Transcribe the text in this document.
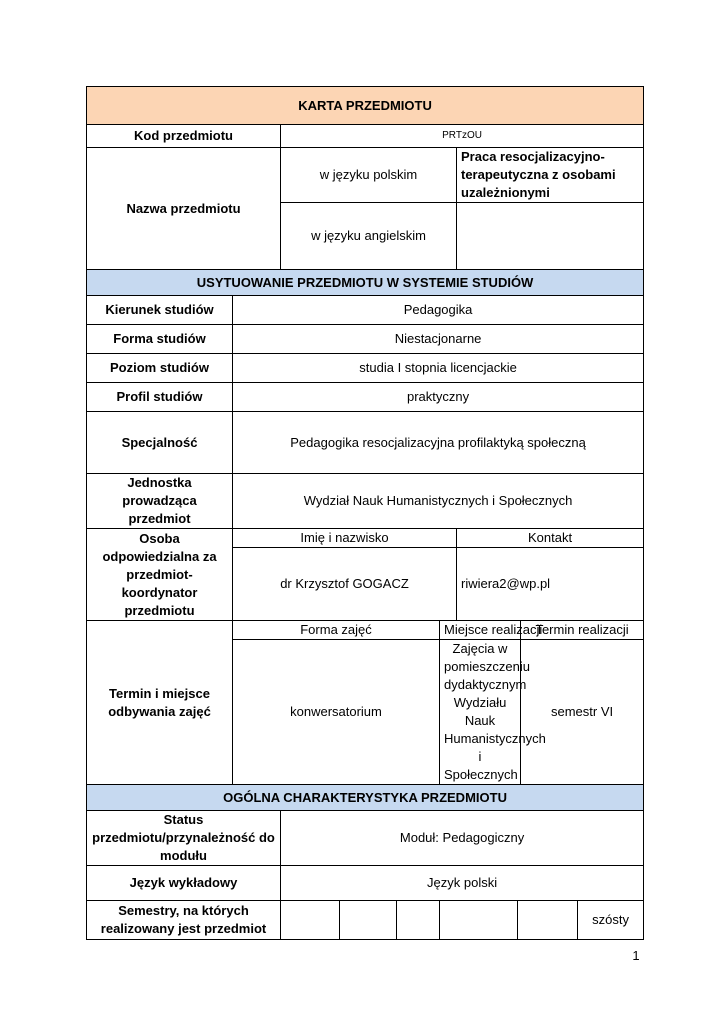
KARTA PRZEDMIOTU									
Kod przedmiotu		PRTzOU							
Nazwa przedmiotu		w języku polskim				Praca resocjalizacyjno-terapeutyczna z osobami uzależnionymi			
		w języku angielskim							
USYTUOWANIE PRZEDMIOTU W SYSTEMIE STUDIÓW									
Kierunek studiów	Pedagogika								
Forma studiów	Niestacjonarne								
Poziom studiów	studia I stopnia licencjackie								
Profil studiów	praktyczny								
Specjalność	Pedagogika resocjalizacyjna profilaktyką społeczną								
Jednostka prowadząca przedmiot	Wydział Nauk Humanistycznych i Społecznych								
Osoba odpowiedzialna za przedmiot- koordynator przedmiotu	Imię i nazwisko					Kontakt			
	dr Krzysztof GOGACZ					riwiera2@wp.pl			
Termin i miejsce odbywania zajęć	Forma zajęć				Miejsce realizacji			Termin realizacji	
	konwersatorium				Zajęcia w pomieszczeniu dydaktycznym Wydziału Nauk Humanistycznych i Społecznych			semestr VI	
OGÓLNA CHARAKTERYSTYKA PRZEDMIOTU									
Status przedmiotu/przynależność do modułu		Moduł: Pedagogiczny							
Język wykładowy		Język polski							
Semestry, na których realizowany jest przedmiot									szósty
1
